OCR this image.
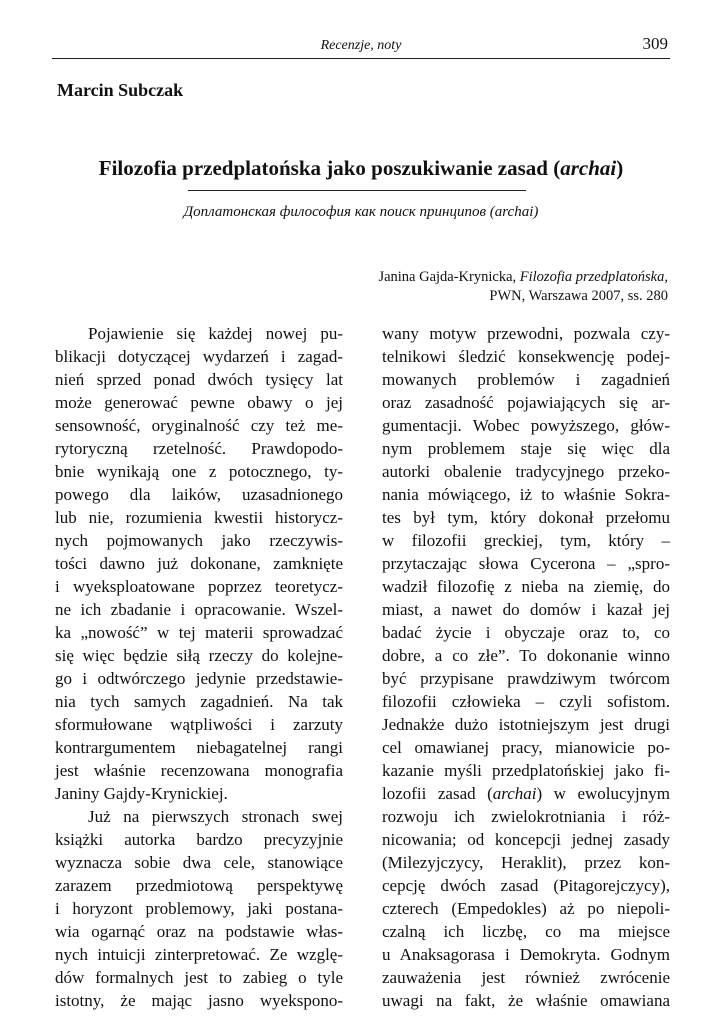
Recenzje, noty	309
Marcin Subczak
Filozofia przedplatońska jako poszukiwanie zasad (archai)
Доплатонская философия как поиск принципов (archai)
Janina Gajda-Krynicka, Filozofia przedplatońska,
PWN, Warszawa 2007, ss. 280
Pojawienie się każdej nowej pu-
blikacji dotyczącej wydarzeń i zagad-
nień sprzed ponad dwóch tysięcy lat
może generować pewne obawy o jej
sensowność, oryginalność czy też me-
rytoryczną rzetelność. Prawdopodo-
bnie wynikają one z potocznego, ty-
powego dla laików, uzasadnionego
lub nie, rozumienia kwestii historycz-
nych pojmowanych jako rzeczywis-
tości dawno już dokonane, zamknięte
i wyeksploatowane poprzez teoretycz-
ne ich zbadanie i opracowanie. Wszel-
ka „nowość” w tej materii sprowadzać
się więc będzie siłą rzeczy do kolejne-
go i odtwórczego jedynie przedstawie-
nia tych samych zagadnień. Na tak
sformułowane wątpliwości i zarzuty
kontrargumentem niebagatelnej rangi
jest właśnie recenzowana monografia
Janiny Gajdy-Krynickiej.
Już na pierwszych stronach swej
książki autorka bardzo precyzyjnie
wyznacza sobie dwa cele, stanowiące
zarazem przedmiotową perspektywę
i horyzont problemowy, jaki postana-
wia ogarnąć oraz na podstawie włas-
nych intuicji zinterpretować. Ze wzglę-
dów formalnych jest to zabieg o tyle
istotny, że mając jasno wyekspono-
wany motyw przewodni, pozwala czy-
telnikowi śledzić konsekwencję podej-
mowanych problemów i zagadnień
oraz zasadność pojawiających się ar-
gumentacji. Wobec powyższego, głów-
nym problemem staje się więc dla
autorki obalenie tradycyjnego przeko-
nania mówiącego, iż to właśnie Sokra-
tes był tym, który dokonał przełomu
w filozofii greckiej, tym, który –
przytaczając słowa Cycerona – „spro-
wadził filozofię z nieba na ziemię, do
miast, a nawet do domów i kazał jej
badać życie i obyczaje oraz to, co
dobre, a co złe”. To dokonanie winno
być przypisane prawdziwym twórcom
filozofii człowieka – czyli sofistom.
Jednakże dużo istotniejszym jest drugi
cel omawianej pracy, mianowicie po-
kazanie myśli przedplatońskiej jako fi-
lozofii zasad (archai) w ewolucyjnym
rozwoju ich zwielokrotniania i róż-
nicowania; od koncepcji jednej zasady
(Milezyjczycy, Heraklit), przez kon-
cepcję dwóch zasad (Pitagorejczycy),
czterech (Empedokles) aż po niepoli-
czalną ich liczbę, co ma miejsce
u Anaksagorasa i Demokryta. Godnym
zauważenia jest również zwrócenie
uwagi na fakt, że właśnie omawiana
